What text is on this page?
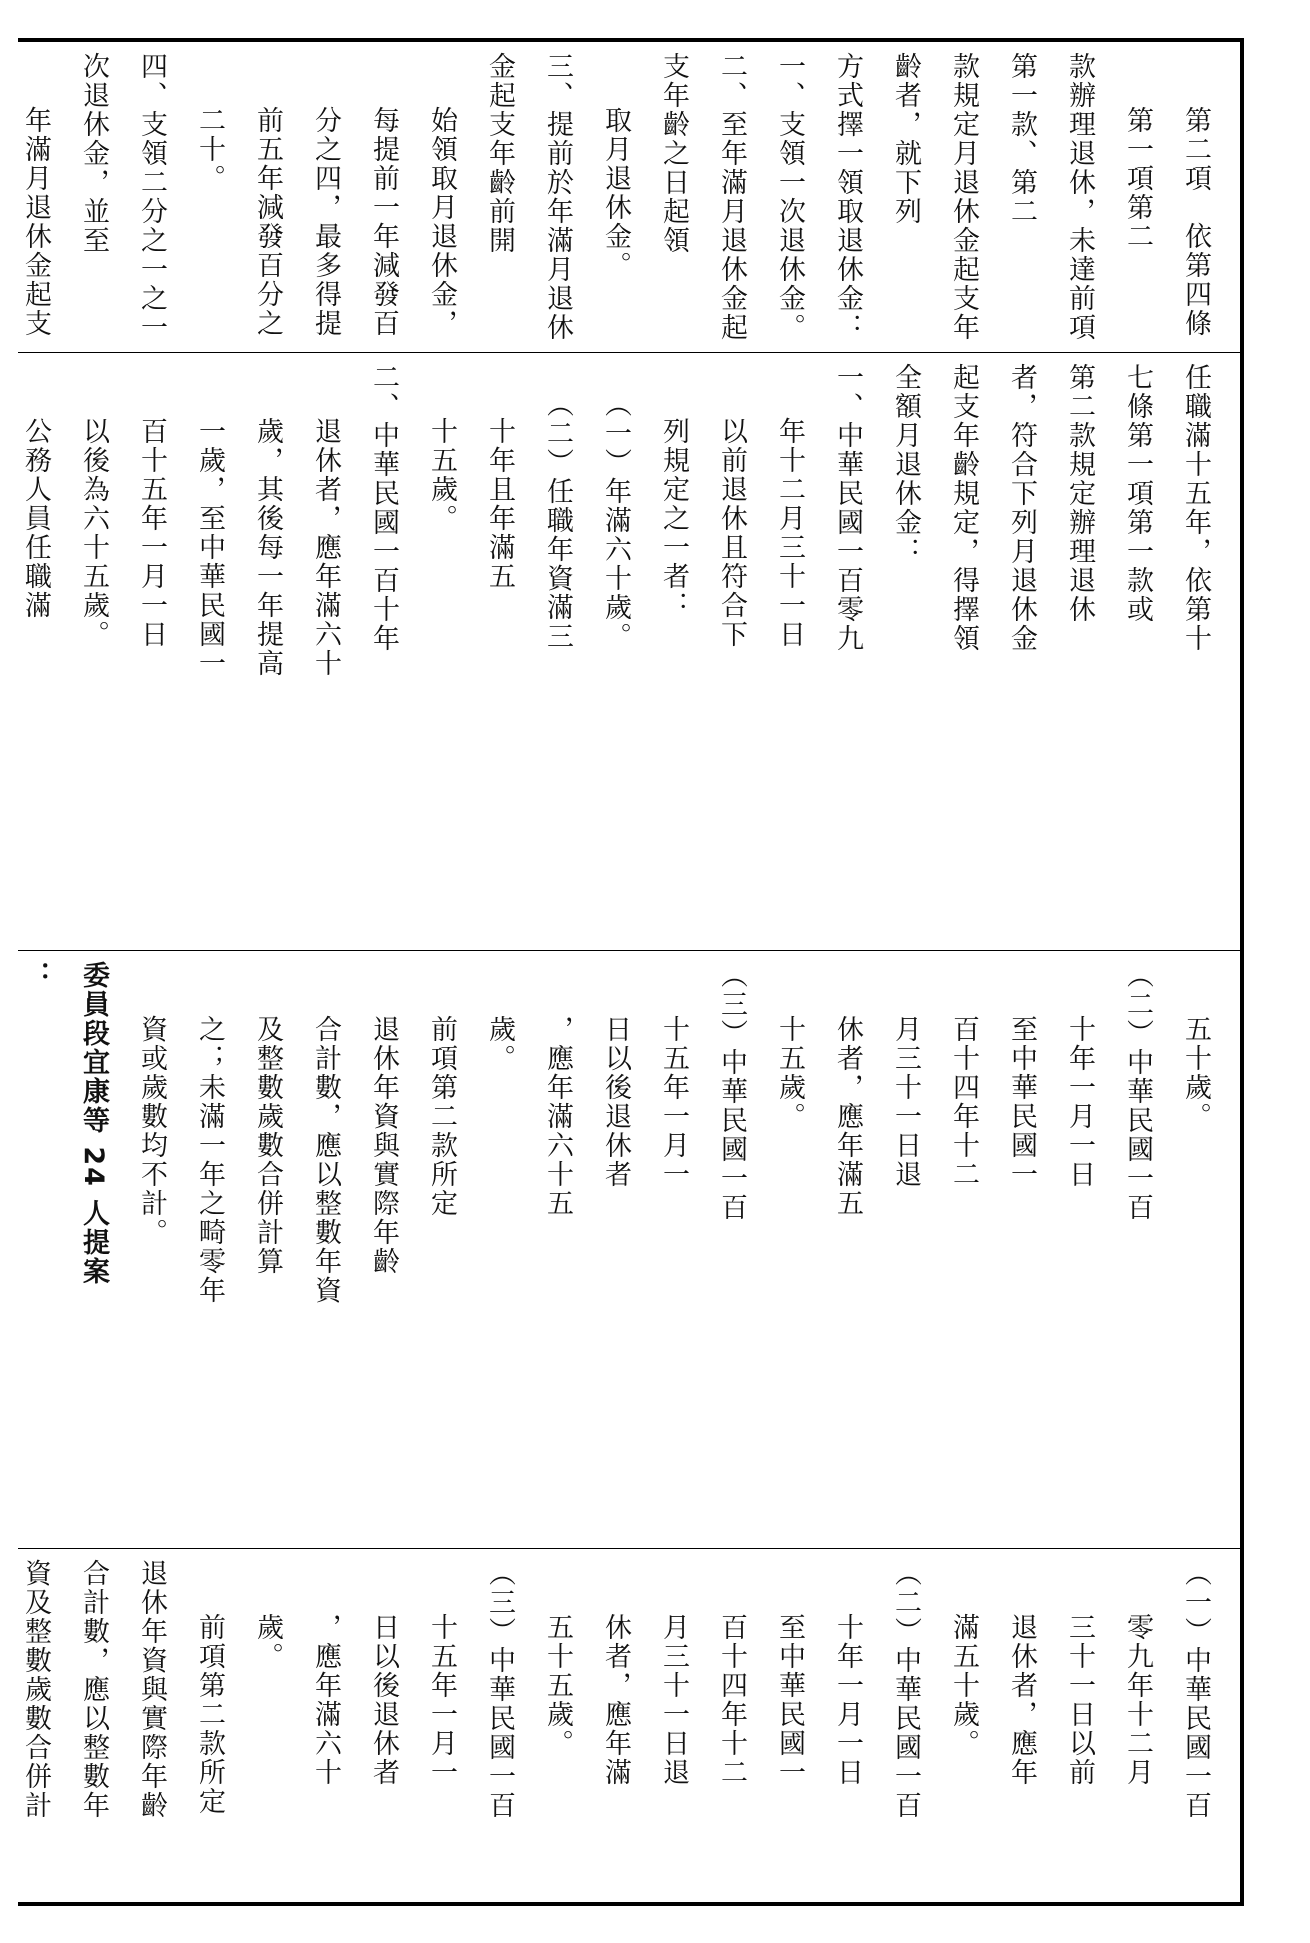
第二項　依第四條第一項第二
款辦理退休，未達前項第一款、第二
款規定月退休金起支年齡者，就下列
方式擇一領取退休金：
一、支領一次退休金。
二、至年滿月退休金起支年齡之日起領
取月退休金。
三、提前於年滿月退休金起支年齡前開
始領取月退休金，每提前一年減發百
分之四，最多得提前五年減發百分之
二十。
四、支領二分之一之一次退休金，並至
年滿月退休金起支
任職滿十五年，依第十
七條第一項第一款或
第二款規定辦理退休
者，符合下列月退休金
起支年齡規定，得擇領
全額月退休金：
一、中華民國一百零九
年十二月三十一日
以前退休且符合下
列規定之一者：
（一）年滿六十歲。
（二）任職年資滿三
十年且年滿五
十五歲。
二、中華民國一百十年
退休者，應年滿六十
歲，其後每一年提高
一歲，至中華民國一
百十五年一月一日
以後為六十五歲。
公務人員任職滿
五十歲。
（二）中華民國一百
十年一月一日
至中華民國一
百十四年十二
月三十一日退
休者，應年滿五
十五歲。
（三）中華民國一百
十五年一月一
日以後退休者
，應年滿六十五
歲。
前項第二款所定
退休年資與實際年齡
合計數，應以整數年資
及整數歲數合併計算
之；未滿一年之畸零年
資或歲數均不計。
委員段宜康等 24 人提案
：
（一）中華民國一百
零九年十二月
三十一日以前
退休者，應年
滿五十歲。
（二）中華民國一百
十年一月一日
至中華民國一
百十四年十二
月三十一日退
休者，應年滿
五十五歲。
（三）中華民國一百
十五年一月一
日以後退休者
，應年滿六十
歲。
前項第二款所定
退休年資與實際年齡
合計數，應以整數年
資及整數歲數合併計
